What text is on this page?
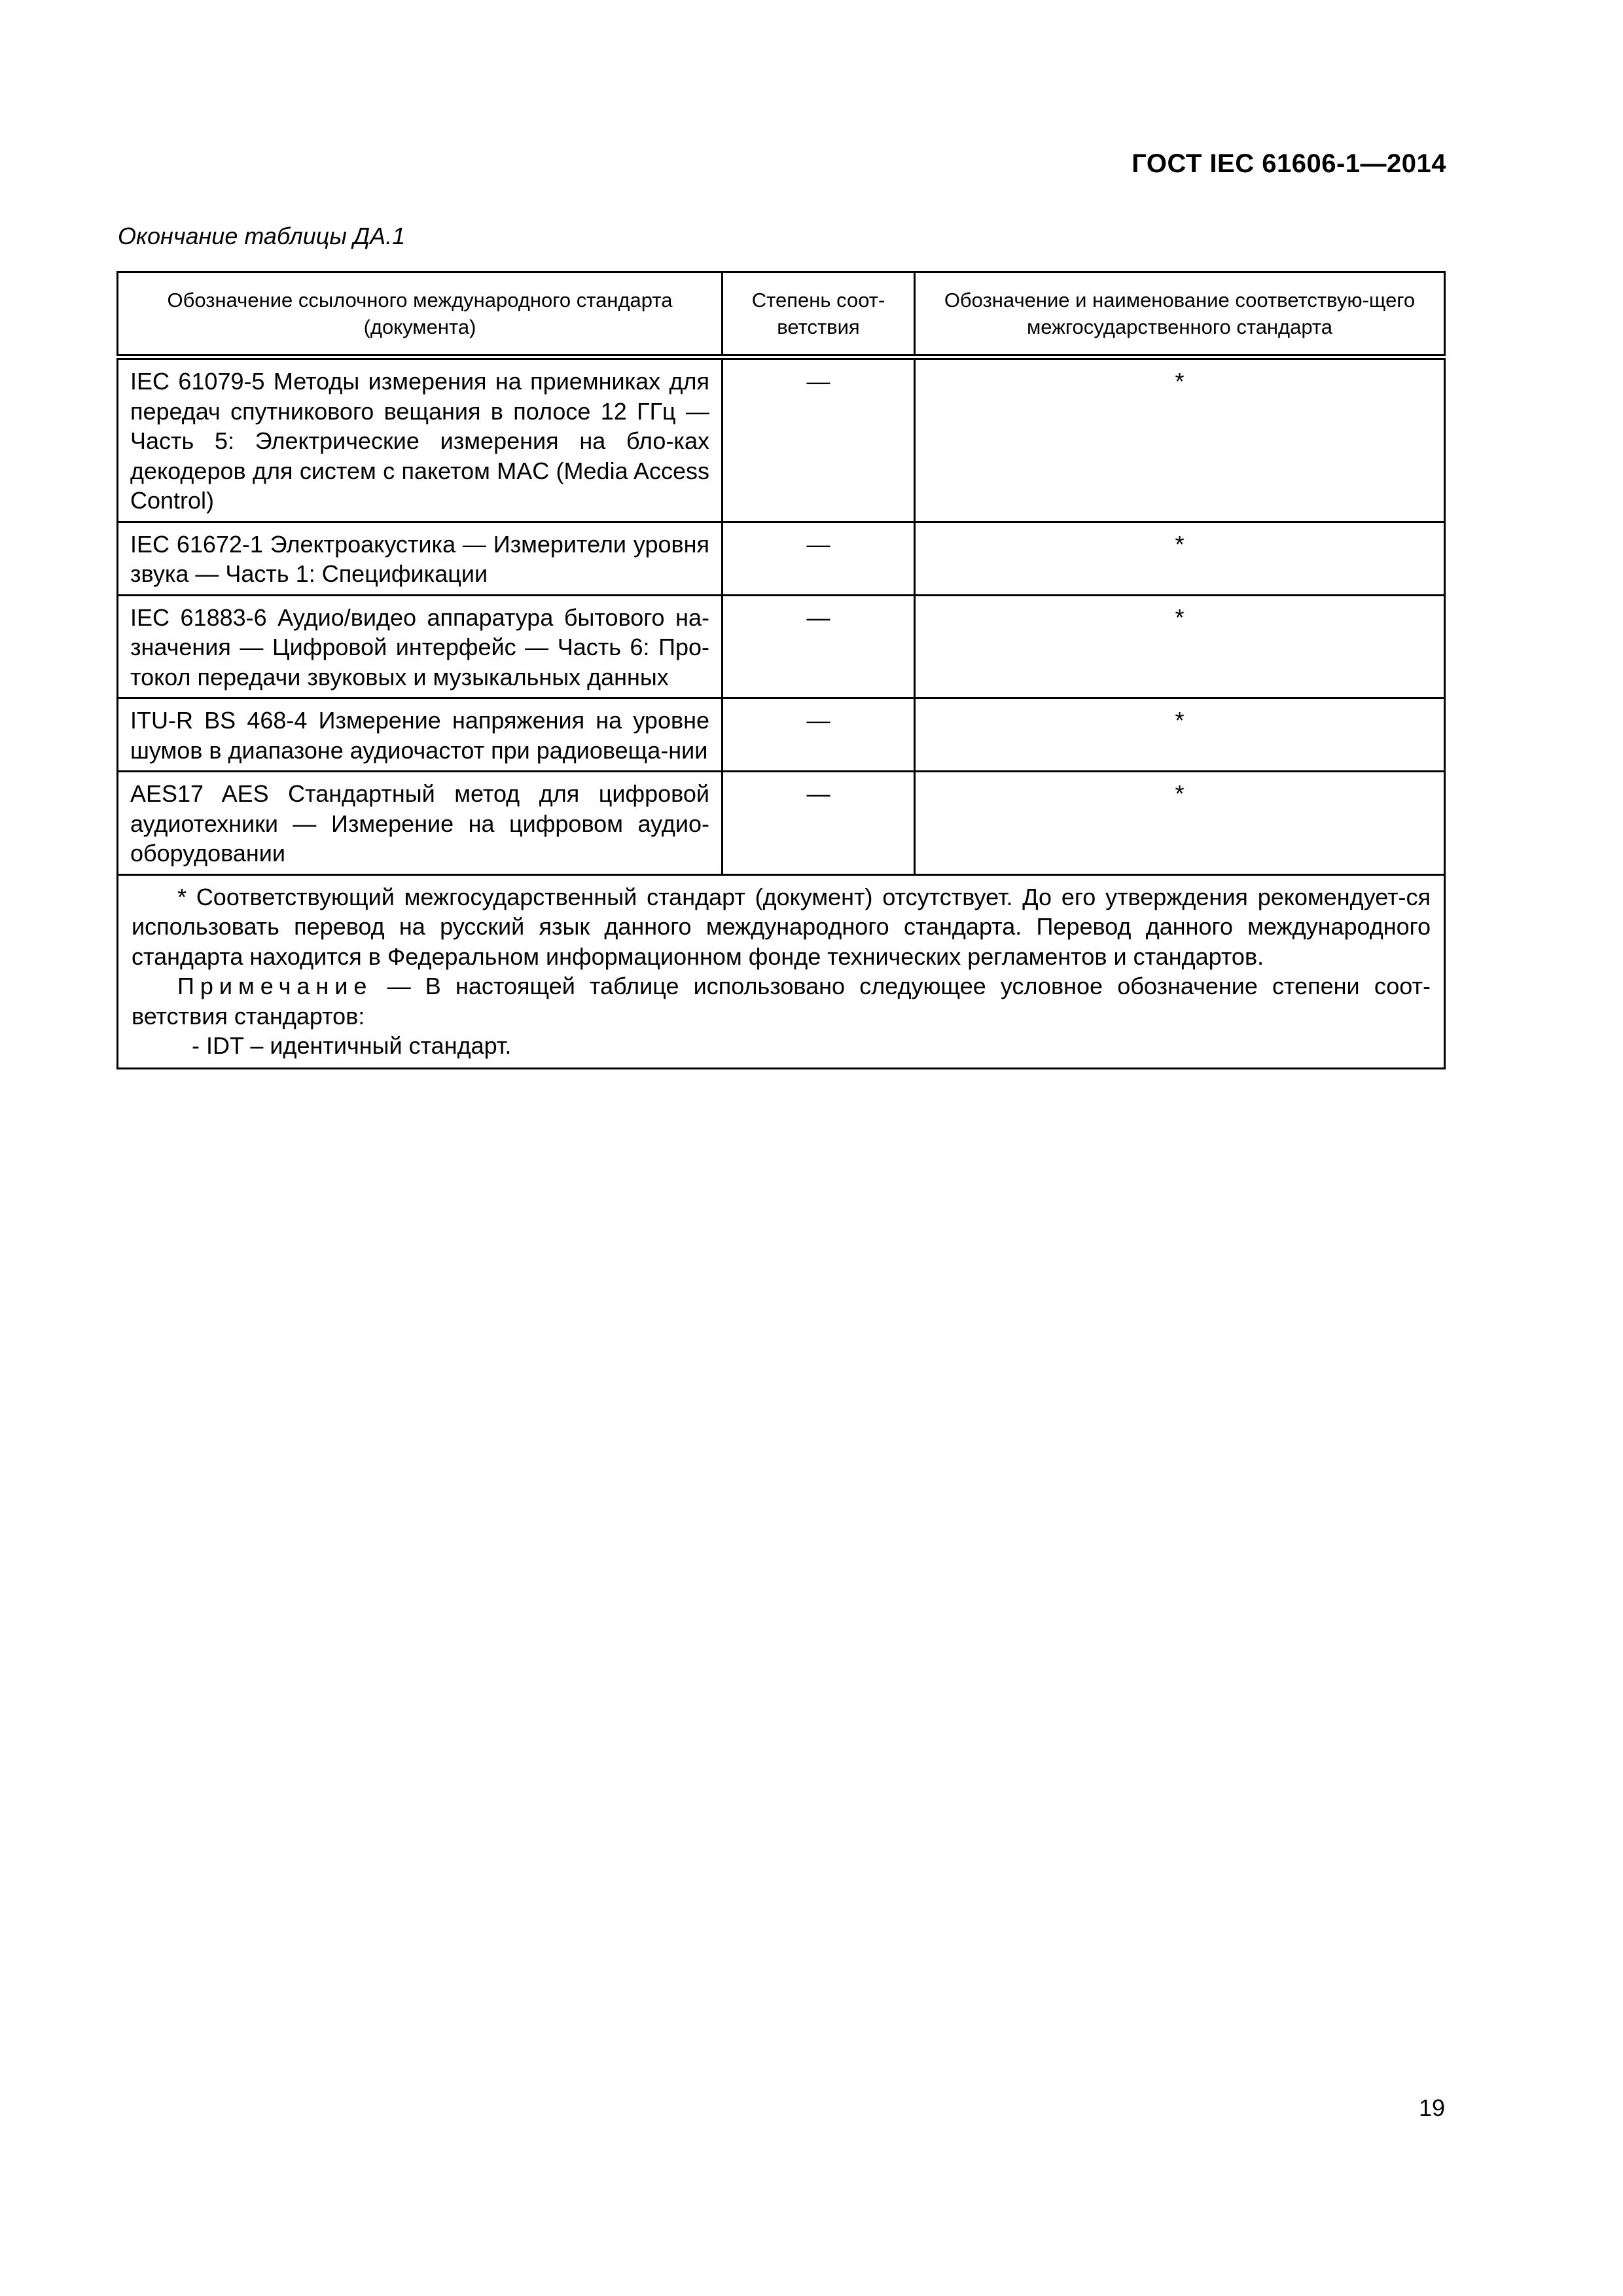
ГОСТ IEC 61606-1—2014
Окончание таблицы ДА.1
Обозначение ссылочного международного стандарта (документа)	Степень соот-ветствия	Обозначение и наименование соответствую-щего межгосударственного стандарта
IEC 61079-5 Методы измерения на приемниках для передач спутникового вещания в полосе 12 ГГц — Часть 5: Электрические измерения на бло-ках декодеров для систем с пакетом MAC (Media Access Control)	—	*
IEC 61672-1 Электроакустика — Измерители уровня звука — Часть 1: Спецификации	—	*
IEC 61883-6 Аудио/видео аппаратура бытового на-значения — Цифровой интерфейс — Часть 6: Про-токол передачи звуковых и музыкальных данных	—	*
ITU-R BS 468-4 Измерение напряжения на уровне шумов в диапазоне аудиочастот при радиовеща-нии	—	*
AES17 AES Стандартный метод для цифровой аудиотехники — Измерение на цифровом аудио-оборудовании	—	*

* Соответствующий межгосударственный стандарт (документ) отсутствует. До его утверждения рекомендует-ся использовать перевод на русский язык данного международного стандарта. Перевод данного международного стандарта находится в Федеральном информационном фонде технических регламентов и стандартов.
Примечание — В настоящей таблице использовано следующее условное обозначение степени соот-ветствия стандартов:
- IDT – идентичный стандарт.		
19
